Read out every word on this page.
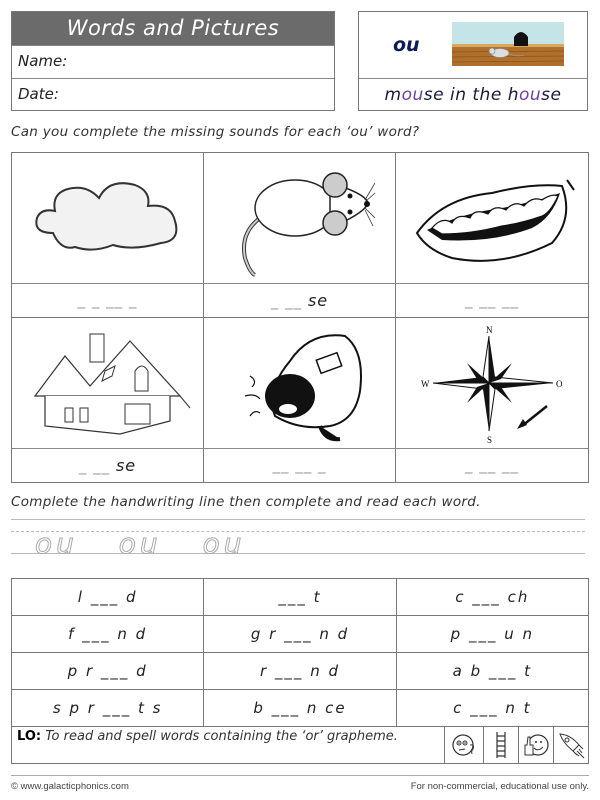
Words and Pictures
Name:
Date:
ou
mouse in the house
Can you complete the missing sounds for each ‘ou’ word?
_ _ __ _	_ __ se	_ __ __
N
W	O
S
_ __ se	__ __ _	_ __ __
Complete the handwriting line then complete and read each word.
ou ou ou
l ___ d	___ t	c ___ ch
f ___ n d	g r ___ n d	p ___ u n
p r ___ d	r ___ n d	a b ___ t
s p r ___ t s	b ___ n ce	c ___ n t
LO: To read and spell words containing the ‘or’ grapheme.
© www.galacticphonics.com	For non-commercial, educational use only.
